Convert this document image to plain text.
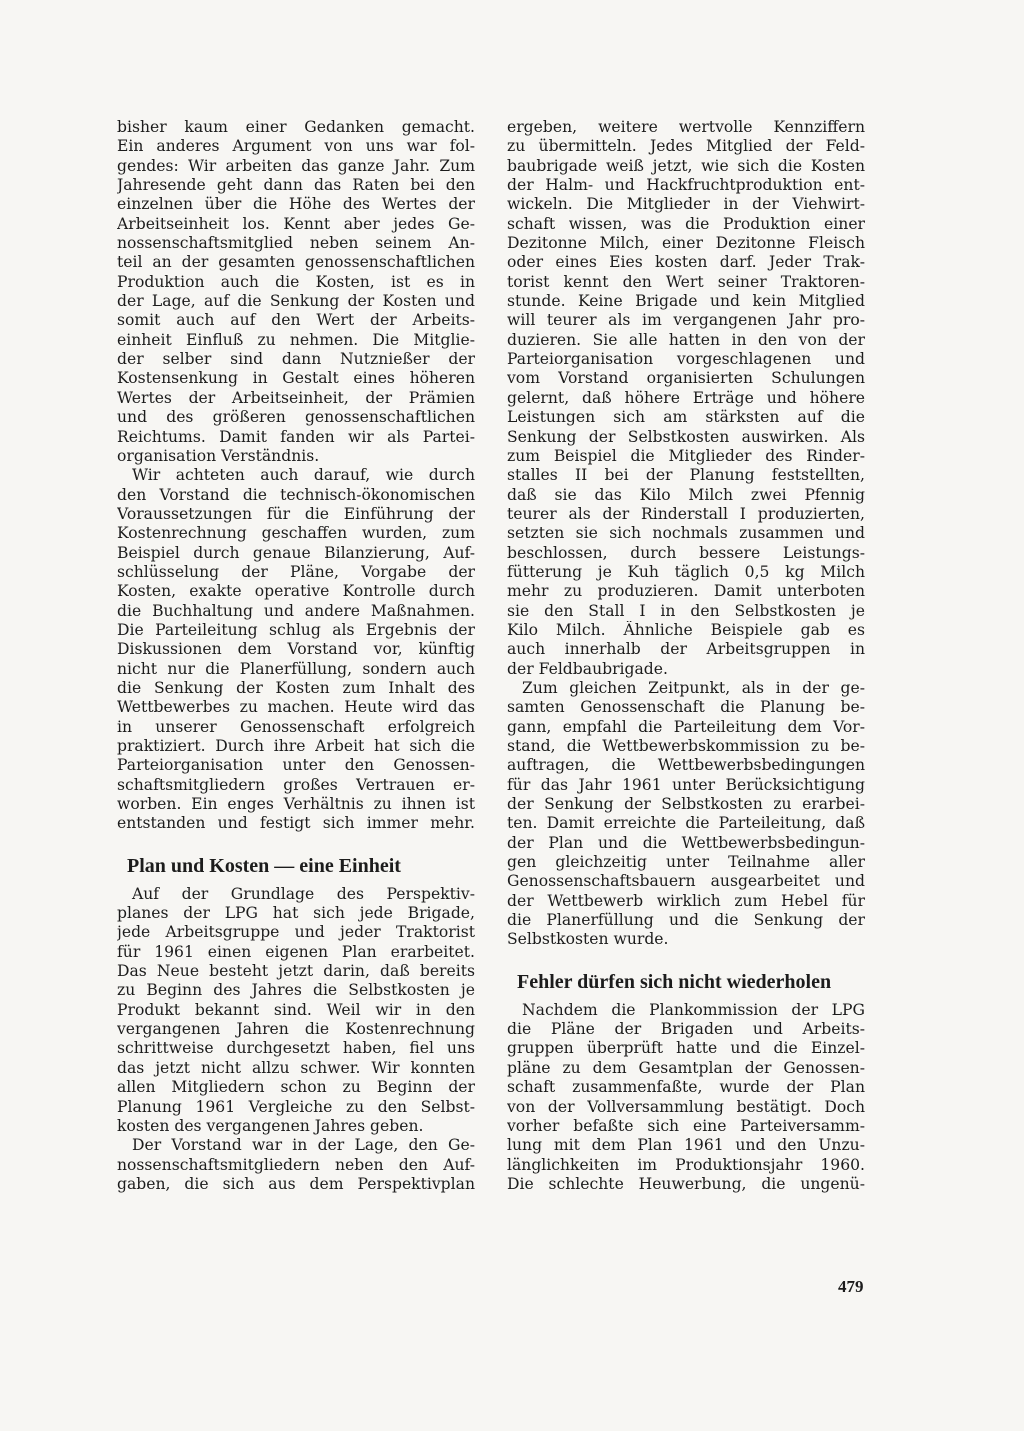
bisher kaum einer Gedanken gemacht.
Ein anderes Argument von uns war fol-
gendes: Wir arbeiten das ganze Jahr. Zum
Jahresende geht dann das Raten bei den
einzelnen über die Höhe des Wertes der
Arbeitseinheit los. Kennt aber jedes Ge-
nossenschaftsmitglied neben seinem An-
teil an der gesamten genossenschaftlichen
Produktion auch die Kosten, ist es in
der Lage, auf die Senkung der Kosten und
somit auch auf den Wert der Arbeits-
einheit Einfluß zu nehmen. Die Mitglie-
der selber sind dann Nutznießer der
Kostensenkung in Gestalt eines höheren
Wertes der Arbeitseinheit, der Prämien
und des größeren genossenschaftlichen
Reichtums. Damit fanden wir als Partei-
organisation Verständnis.
Wir achteten auch darauf, wie durch
den Vorstand die technisch-ökonomischen
Voraussetzungen für die Einführung der
Kostenrechnung geschaffen wurden, zum
Beispiel durch genaue Bilanzierung, Auf-
schlüsselung der Pläne, Vorgabe der
Kosten, exakte operative Kontrolle durch
die Buchhaltung und andere Maßnahmen.
Die Parteileitung schlug als Ergebnis der
Diskussionen dem Vorstand vor, künftig
nicht nur die Planerfüllung, sondern auch
die Senkung der Kosten zum Inhalt des
Wettbewerbes zu machen. Heute wird das
in unserer Genossenschaft erfolgreich
praktiziert. Durch ihre Arbeit hat sich die
Parteiorganisation unter den Genossen-
schaftsmitgliedern großes Vertrauen er-
worben. Ein enges Verhältnis zu ihnen ist
entstanden und festigt sich immer mehr.
Plan und Kosten — eine Einheit
Auf der Grundlage des Perspektiv-
planes der LPG hat sich jede Brigade,
jede Arbeitsgruppe und jeder Traktorist
für 1961 einen eigenen Plan erarbeitet.
Das Neue besteht jetzt darin, daß bereits
zu Beginn des Jahres die Selbstkosten je
Produkt bekannt sind. Weil wir in den
vergangenen Jahren die Kostenrechnung
schrittweise durchgesetzt haben, fiel uns
das jetzt nicht allzu schwer. Wir konnten
allen Mitgliedern schon zu Beginn der
Planung 1961 Vergleiche zu den Selbst-
kosten des vergangenen Jahres geben.
Der Vorstand war in der Lage, den Ge-
nossenschaftsmitgliedern neben den Auf-
gaben, die sich aus dem Perspektivplan
ergeben, weitere wertvolle Kennziffern
zu übermitteln. Jedes Mitglied der Feld-
baubrigade weiß jetzt, wie sich die Kosten
der Halm- und Hackfruchtproduktion ent-
wickeln. Die Mitglieder in der Viehwirt-
schaft wissen, was die Produktion einer
Dezitonne Milch, einer Dezitonne Fleisch
oder eines Eies kosten darf. Jeder Trak-
torist kennt den Wert seiner Traktoren-
stunde. Keine Brigade und kein Mitglied
will teurer als im vergangenen Jahr pro-
duzieren. Sie alle hatten in den von der
Parteiorganisation vorgeschlagenen und
vom Vorstand organisierten Schulungen
gelernt, daß höhere Erträge und höhere
Leistungen sich am stärksten auf die
Senkung der Selbstkosten auswirken. Als
zum Beispiel die Mitglieder des Rinder-
stalles II bei der Planung feststellten,
daß sie das Kilo Milch zwei Pfennig
teurer als der Rinderstall I produzierten,
setzten sie sich nochmals zusammen und
beschlossen, durch bessere Leistungs-
fütterung je Kuh täglich 0,5 kg Milch
mehr zu produzieren. Damit unterboten
sie den Stall I in den Selbstkosten je
Kilo Milch. Ähnliche Beispiele gab es
auch innerhalb der Arbeitsgruppen in
der Feldbaubrigade.
Zum gleichen Zeitpunkt, als in der ge-
samten Genossenschaft die Planung be-
gann, empfahl die Parteileitung dem Vor-
stand, die Wettbewerbskommission zu be-
auftragen, die Wettbewerbsbedingungen
für das Jahr 1961 unter Berücksichtigung
der Senkung der Selbstkosten zu erarbei-
ten. Damit erreichte die Parteileitung, daß
der Plan und die Wettbewerbsbedingun-
gen gleichzeitig unter Teilnahme aller
Genossenschaftsbauern ausgearbeitet und
der Wettbewerb wirklich zum Hebel für
die Planerfüllung und die Senkung der
Selbstkosten wurde.
Fehler dürfen sich nicht wiederholen
Nachdem die Plankommission der LPG
die Pläne der Brigaden und Arbeits-
gruppen überprüft hatte und die Einzel-
pläne zu dem Gesamtplan der Genossen-
schaft zusammenfaßte, wurde der Plan
von der Vollversammlung bestätigt. Doch
vorher befaßte sich eine Parteiversamm-
lung mit dem Plan 1961 und den Unzu-
länglichkeiten im Produktionsjahr 1960.
Die schlechte Heuwerbung, die ungenü-
479
